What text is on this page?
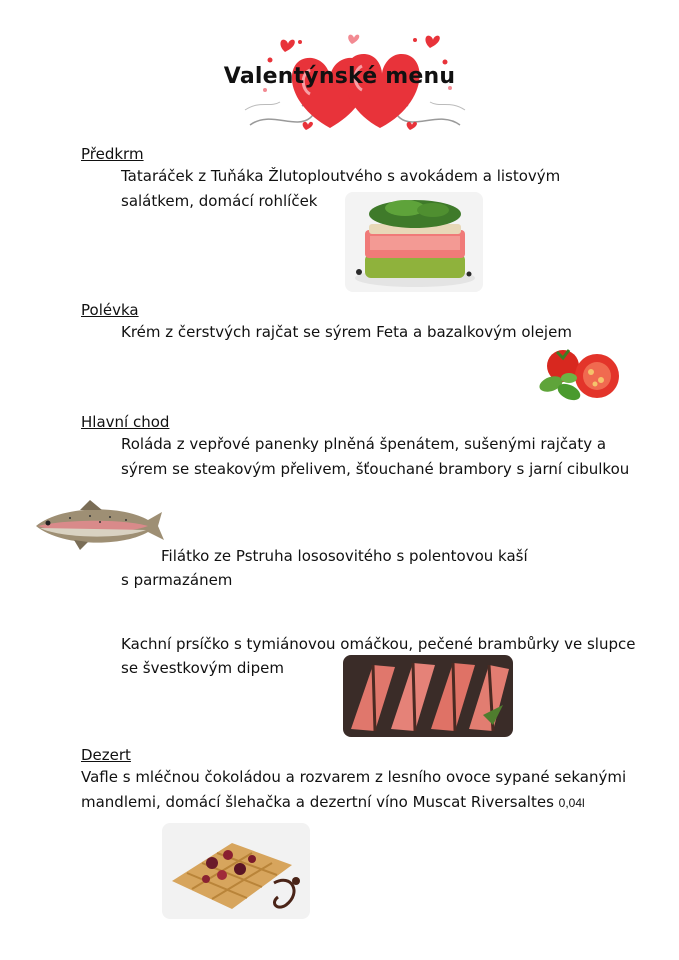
Valentýnské menu
Předkrm
Tataráček z Tuňáka Žlutoploutvého s avokádem a listovým
salátkem, domácí rohlíček
Polévka
Krém z čerstvých rajčat se sýrem Feta a bazalkovým olejem
Hlavní chod
Roláda z vepřové panenky plněná špenátem, sušenými rajčaty a
sýrem se steakovým přelivem, šťouchané brambory s jarní cibulkou
Filátko ze Pstruha lososovitého s polentovou kaší
s parmazánem
Kachní prsíčko s tymiánovou omáčkou, pečené brambůrky ve slupce
se švestkovým dipem
Dezert
Vafle s mléčnou čokoládou a rozvarem z lesního ovoce sypané sekanými
mandlemi, domácí šlehačka a dezertní víno Muscat Riversaltes 0,04l
